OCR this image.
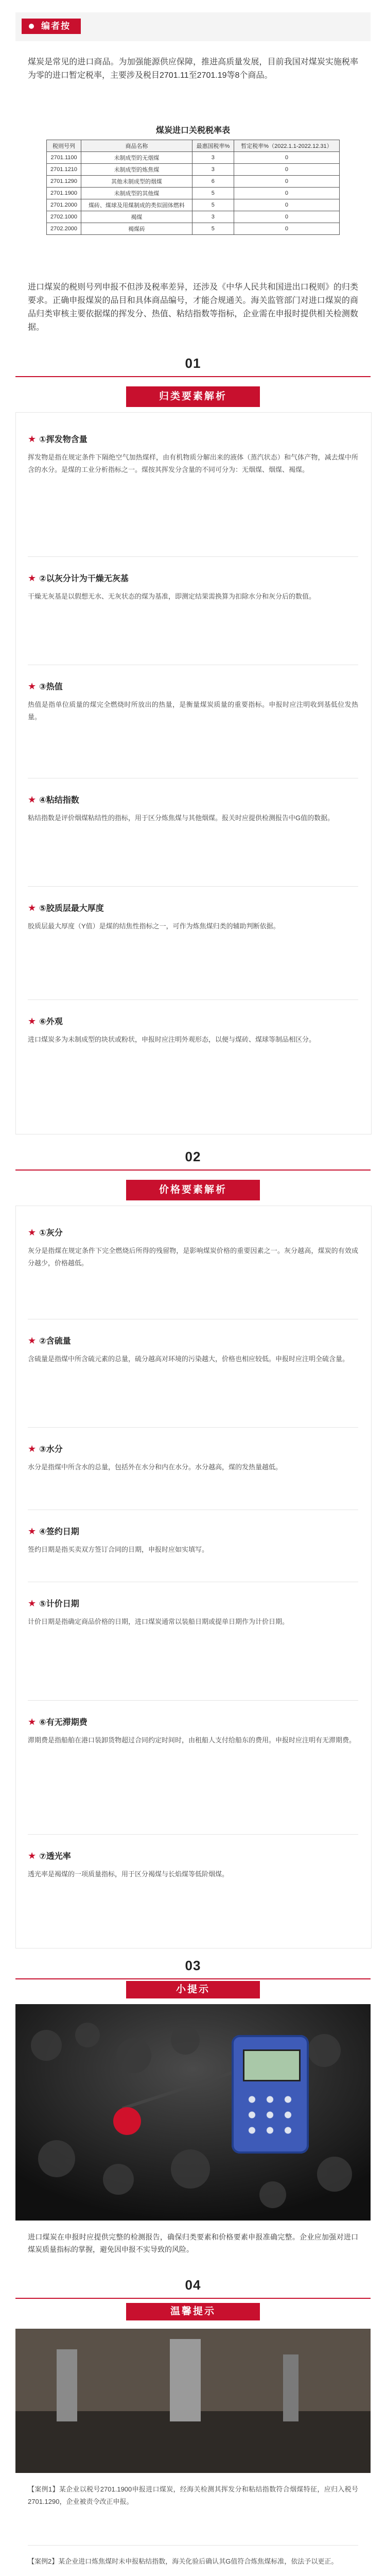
编者按
煤炭是常见的进口商品。为加强能源供应保障，推进高质量发展，目前我国对煤炭实施税率为零的进口暂定税率，主要涉及税目2701.11至2701.19等8个商品。
煤炭进口关税税率表
税则号列	商品名称	最惠国税率%	暂定税率%（2022.1.1-2022.12.31）
2701.1100	未制成型的无烟煤	3	0
2701.1210	未制成型的炼焦煤	3	0
2701.1290	其他未制成型的烟煤	6	0
2701.1900	未制成型的其他煤	5	0
2701.2000	煤砖、煤球及用煤制成的类似固体燃料	5	0
2702.1000	褐煤	3	0
2702.2000	褐煤砖	5	0
进口煤炭的税则号列申报不但涉及税率差异，还涉及《中华人民共和国进出口税则》的归类要求。正确申报煤炭的品目和具体商品编号，才能合规通关。海关监管部门对进口煤炭的商品归类审核主要依据煤的挥发分、热值、粘结指数等指标，企业需在申报时提供相关检测数据。
01
归类要素解析
★ ①挥发物含量
挥发物是指在规定条件下隔绝空气加热煤样，由有机物质分解出来的液体（蒸汽状态）和气体产物，减去煤中所含的水分。是煤的工业分析指标之一。煤按其挥发分含量的不同可分为：无烟煤、烟煤、褐煤。
★ ②以灰分计为干燥无灰基
干燥无灰基是以假想无水、无灰状态的煤为基准，即测定结果需换算为扣除水分和灰分后的数值。
★ ③热值
热值是指单位质量的煤完全燃烧时所放出的热量，是衡量煤炭质量的重要指标。申报时应注明收到基低位发热量。
★ ④粘结指数
粘结指数是评价烟煤粘结性的指标，用于区分炼焦煤与其他烟煤。报关时应提供检测报告中G值的数据。
★ ⑤胶质层最大厚度
胶质层最大厚度（Y值）是煤的结焦性指标之一，可作为炼焦煤归类的辅助判断依据。
★ ⑥外观
进口煤炭多为未制成型的块状或粉状，申报时应注明外观形态，以便与煤砖、煤球等制品相区分。
02
价格要素解析
★ ①灰分
灰分是指煤在规定条件下完全燃烧后所得的残留物，是影响煤炭价格的重要因素之一。灰分越高，煤炭的有效成分越少，价格越低。
★ ②含硫量
含硫量是指煤中所含硫元素的总量，硫分越高对环境的污染越大，价格也相应较低。申报时应注明全硫含量。
★ ③水分
水分是指煤中所含水的总量，包括外在水分和内在水分。水分越高，煤的发热量越低。
★ ④签约日期
签约日期是指买卖双方签订合同的日期，申报时应如实填写。
★ ⑤计价日期
计价日期是指确定商品价格的日期，进口煤炭通常以装船日期或提单日期作为计价日期。
★ ⑥有无滞期费
滞期费是指船舶在港口装卸货物超过合同约定时间时，由租船人支付给船东的费用。申报时应注明有无滞期费。
★ ⑦透光率
透光率是褐煤的一项质量指标，用于区分褐煤与长焰煤等低阶烟煤。
03
小提示
进口煤炭在申报时应提供完整的检测报告，确保归类要素和价格要素申报准确完整。企业应加强对进口煤炭质量指标的掌握，避免因申报不实导致的风险。
04
温馨提示
【案例1】某企业以税号2701.1900申报进口煤炭，经海关检测其挥发分和粘结指数符合烟煤特征，应归入税号2701.1290，企业被责令改正申报。
【案例2】某企业进口炼焦煤时未申报粘结指数，海关化验后确认其G值符合炼焦煤标准，依法予以更正。
